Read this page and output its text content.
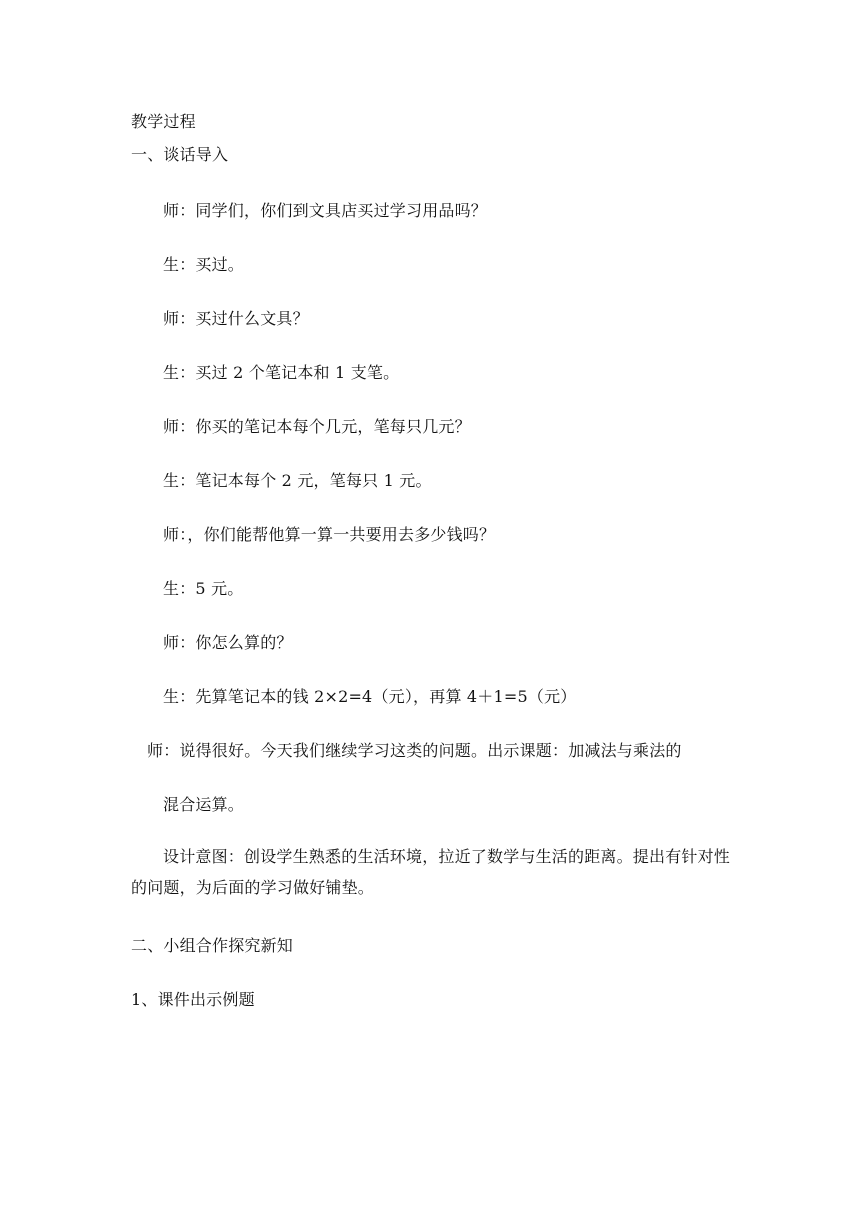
教学过程
一、谈话导入
师：同学们，你们到文具店买过学习用品吗？
生：买过。
师：买过什么文具？
生：买过 2 个笔记本和 1 支笔。
师：你买的笔记本每个几元，笔每只几元？
生：笔记本每个 2 元，笔每只 1 元。
师：，你们能帮他算一算一共要用去多少钱吗？
生：5 元。
师：你怎么算的？
生：先算笔记本的钱 2×2=4（元），再算 4＋1=5（元）
师：说得很好。今天我们继续学习这类的问题。出示课题：加减法与乘法的
混合运算。
设计意图：创设学生熟悉的生活环境，拉近了数学与生活的距离。提出有针对性的问题，为后面的学习做好铺垫。
二、小组合作探究新知
1、课件出示例题
